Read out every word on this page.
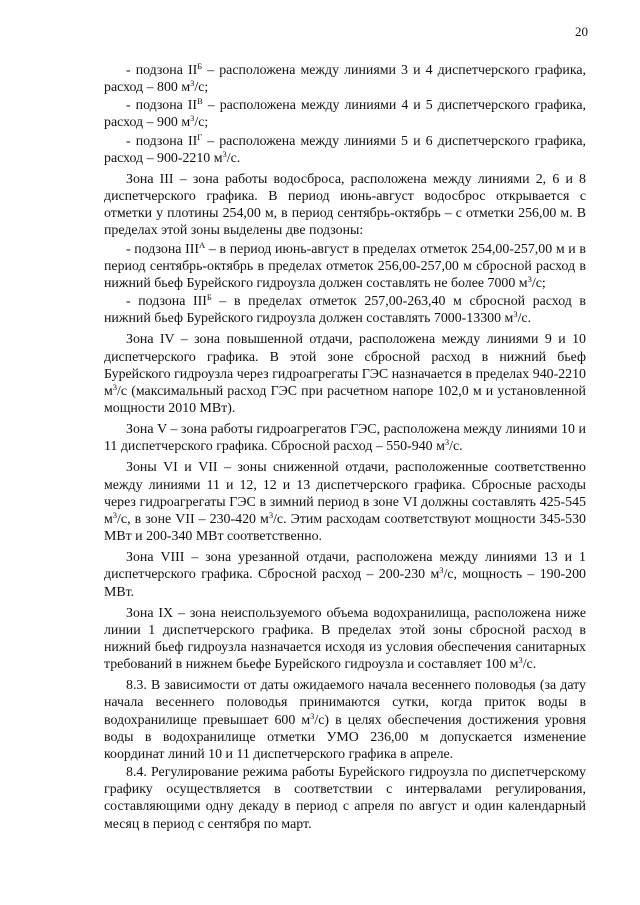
20

- подзона $II^Б$ – расположена между линиями 3 и 4 диспетчерского графика, расход – 800 $м^3/с$;

- подзона $II^В$ – расположена между линиями 4 и 5 диспетчерского графика, расход – 900 $м^3/с$;

- подзона $II^Г$ – расположена между линиями 5 и 6 диспетчерского графика, расход – 900-2210 $м^3/с$.

Зона III – зона работы водосброса, расположена между линиями 2, 6 и 8 диспетчерского графика. В период июнь-август водосброс открывается с отметки у плотины 254,00 м, в период сентябрь-октябрь – с отметки 256,00 м. В пределах этой зоны выделены две подзоны:

- подзона $III^А$ – в период июнь-август в пределах отметок 254,00-257,00 м и в период сентябрь-октябрь в пределах отметок 256,00-257,00 м сбросной расход в нижний бьеф Бурейского гидроузла должен составлять не более 7000 $м^3/с$;

- подзона $III^Б$ – в пределах отметок 257,00-263,40 м сбросной расход в нижний бьеф Бурейского гидроузла должен составлять 7000-13300 $м^3/с$.

Зона IV – зона повышенной отдачи, расположена между линиями 9 и 10 диспетчерского графика. В этой зоне сбросной расход в нижний бьеф Бурейского гидроузла через гидроагрегаты ГЭС назначается в пределах 940-2210 $м^3/с$ (максимальный расход ГЭС при расчетном напоре 102,0 м и установленной мощности 2010 МВт).

Зона V – зона работы гидроагрегатов ГЭС, расположена между линиями 10 и 11 диспетчерского графика. Сбросной расход – 550-940 $м^3/с$.

Зоны VI и VII – зоны сниженной отдачи, расположенные соответственно между линиями 11 и 12, 12 и 13 диспетчерского графика. Сбросные расходы через гидроагрегаты ГЭС в зимний период в зоне VI должны составлять 425-545 $м^3/с$, в зоне VII – 230-420 $м^3/с$. Этим расходам соответствуют мощности 345-530 МВт и 200-340 МВт соответственно.

Зона VIII – зона урезанной отдачи, расположена между линиями 13 и 1 диспетчерского графика. Сбросной расход – 200-230 $м^3/с$, мощность – 190-200 МВт.

Зона IX – зона неиспользуемого объема водохранилища, расположена ниже линии 1 диспетчерского графика. В пределах этой зоны сбросной расход в нижний бьеф гидроузла назначается исходя из условия обеспечения санитарных требований в нижнем бьефе Бурейского гидроузла и составляет 100 $м^3/с$.

8.3. В зависимости от даты ожидаемого начала весеннего половодья (за дату начала весеннего половодья принимаются сутки, когда приток воды в водохранилище превышает 600 $м^3/с$) в целях обеспечения достижения уровня воды в водохранилище отметки УМО 236,00 м допускается изменение координат линий 10 и 11 диспетчерского графика в апреле.

8.4. Регулирование режима работы Бурейского гидроузла по диспетчерскому графику осуществляется в соответствии с интервалами регулирования, составляющими одну декаду в период с апреля по август и один календарный месяц в период с сентября по март.
